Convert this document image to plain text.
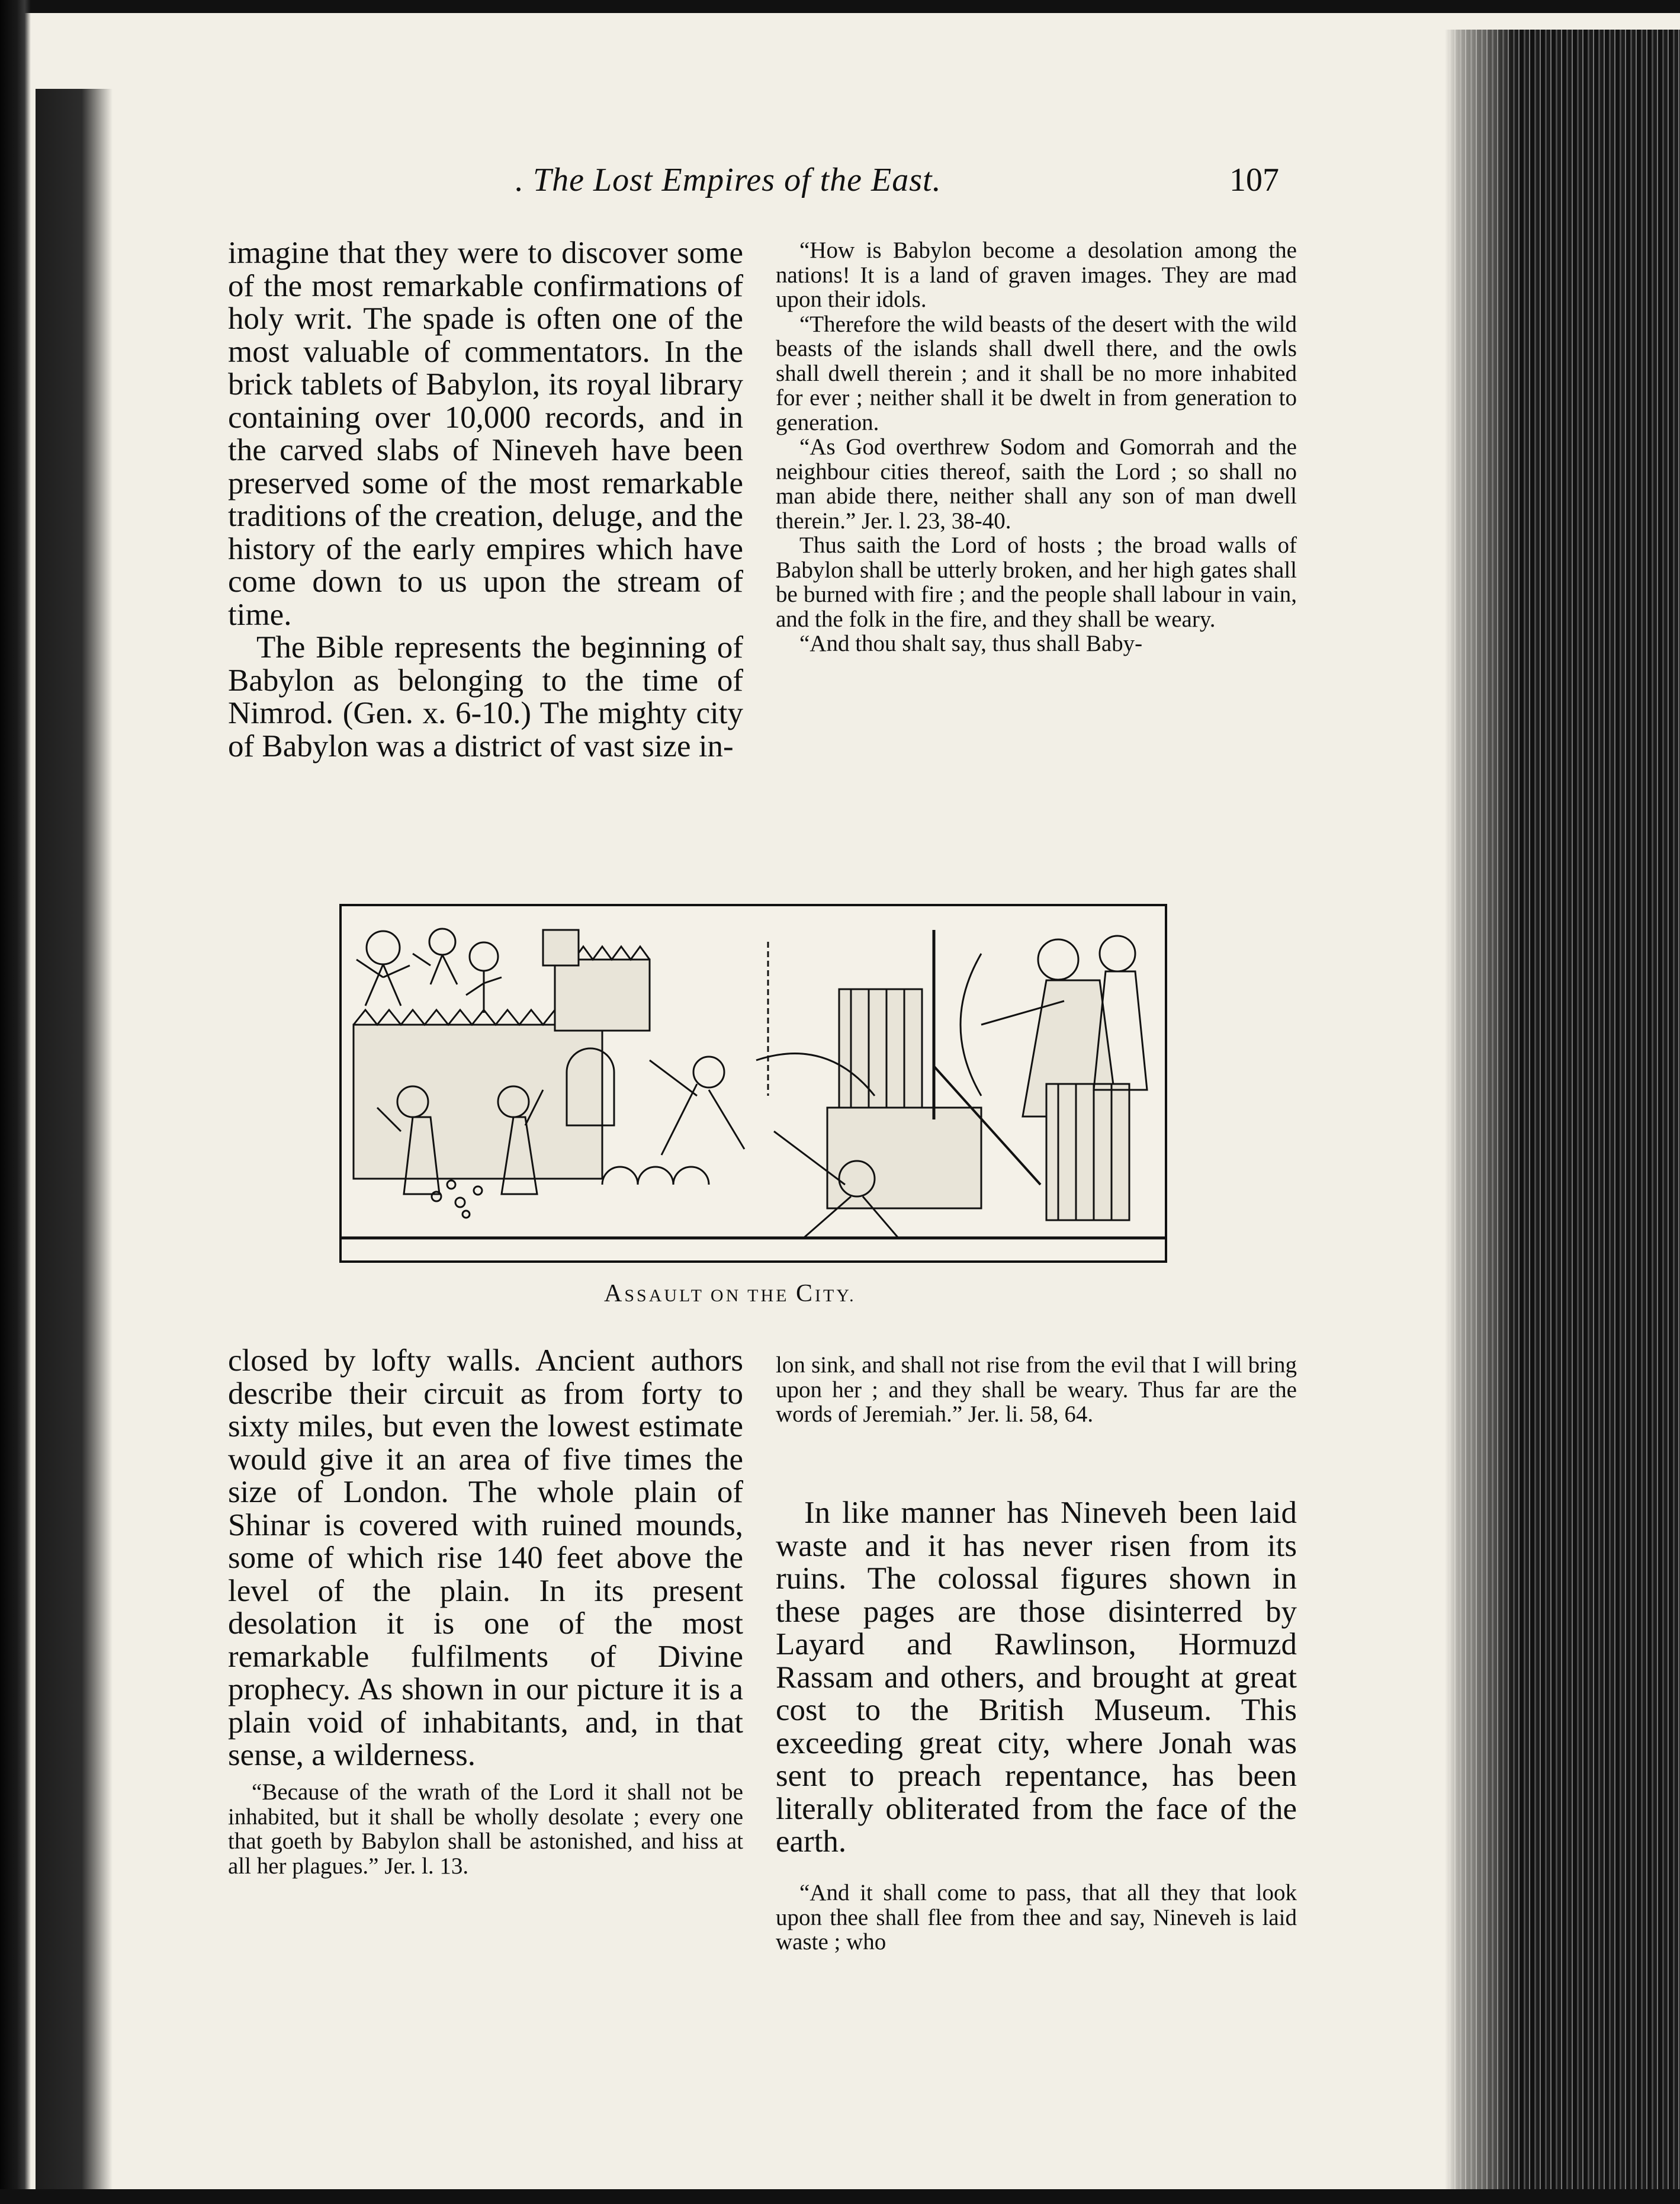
. The Lost Empires of the East.	107

imagine that they were to discover some of the most remarkable confirmations of holy writ. The spade is often one of the most valuable of commentators. In the brick tablets of Babylon, its royal library containing over 10,000 records, and in the carved slabs of Nineveh have been preserved some of the most remarkable traditions of the creation, deluge, and the history of the early empires which have come down to us upon the stream of time.

The Bible represents the beginning of Babylon as belonging to the time of Nimrod. (Gen. x. 6-10.) The mighty city of Babylon was a district of vast size in-

“How is Babylon become a desolation among the nations! It is a land of graven images. They are mad upon their idols.

“Therefore the wild beasts of the desert with the wild beasts of the islands shall dwell there, and the owls shall dwell therein ; and it shall be no more inhabited for ever ; neither shall it be dwelt in from generation to generation.

“As God overthrew Sodom and Gomorrah and the neighbour cities thereof, saith the Lord ; so shall no man abide there, neither shall any son of man dwell therein.” Jer. l. 23, 38-40.

Thus saith the Lord of hosts ; the broad walls of Babylon shall be utterly broken, and her high gates shall be burned with fire ; and the people shall labour in vain, and the folk in the fire, and they shall be weary.

“And thou shalt say, thus shall Baby-

ASSAULT ON THE CITY.

closed by lofty walls. Ancient authors describe their circuit as from forty to sixty miles, but even the lowest estimate would give it an area of five times the size of London. The whole plain of Shinar is covered with ruined mounds, some of which rise 140 feet above the level of the plain. In its present desolation it is one of the most remarkable fulfilments of Divine prophecy. As shown in our picture it is a plain void of inhabitants, and, in that sense, a wilderness.

“Because of the wrath of the Lord it shall not be inhabited, but it shall be wholly desolate ; every one that goeth by Babylon shall be astonished, and hiss at all her plagues.” Jer. l. 13.

lon sink, and shall not rise from the evil that I will bring upon her ; and they shall be weary. Thus far are the words of Jeremiah.” Jer. li. 58, 64.

In like manner has Nineveh been laid waste and it has never risen from its ruins. The colossal figures shown in these pages are those disinterred by Layard and Rawlinson, Hormuzd Rassam and others, and brought at great cost to the British Museum. This exceeding great city, where Jonah was sent to preach repentance, has been literally obliterated from the face of the earth.

“And it shall come to pass, that all they that look upon thee shall flee from thee and say, Nineveh is laid waste ; who
